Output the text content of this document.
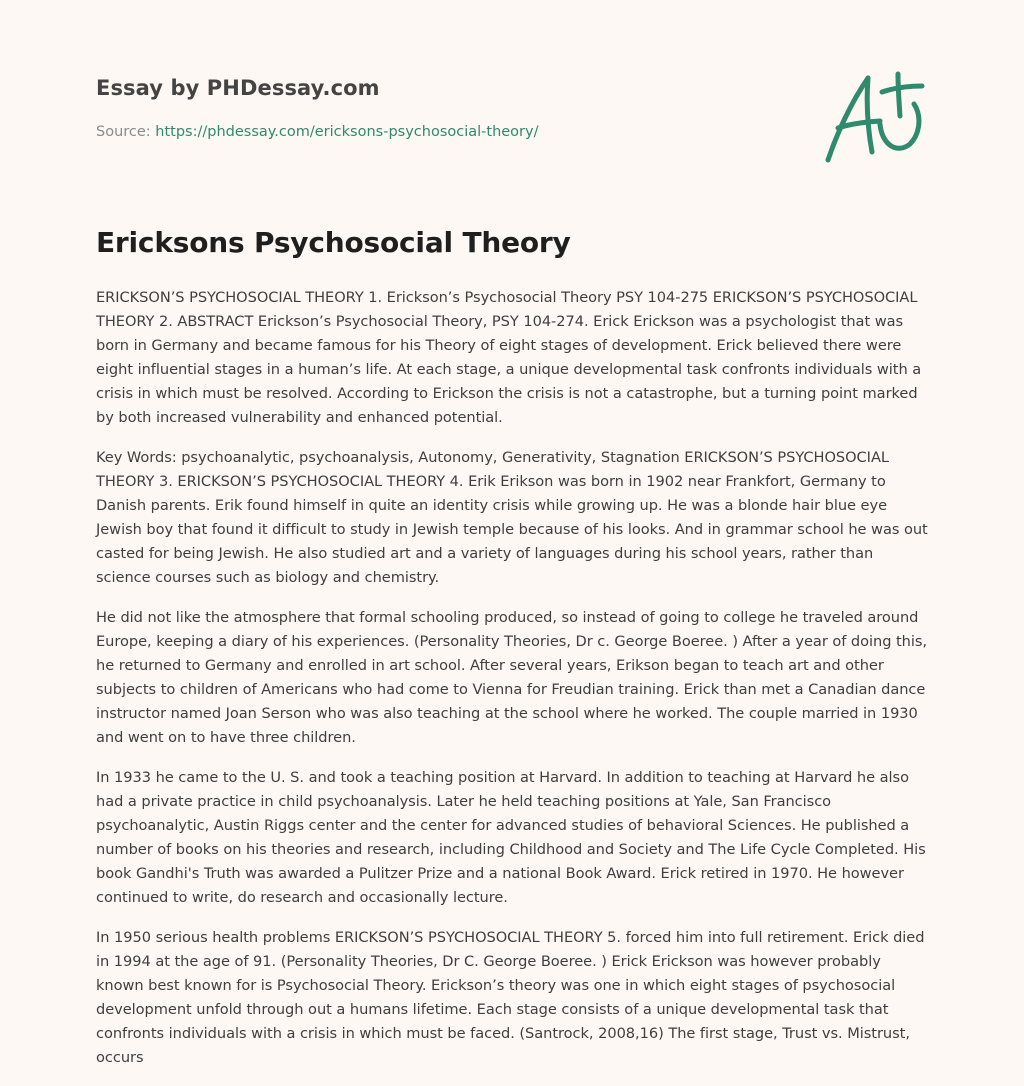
Essay by PHDessay.com
Source: https://phdessay.com/ericksons-psychosocial-theory/
Ericksons Psychosocial Theory

ERICKSON’S PSYCHOSOCIAL THEORY 1. Erickson’s Psychosocial Theory PSY 104-275 ERICKSON’S PSYCHOSOCIAL THEORY 2. ABSTRACT Erickson’s Psychosocial Theory, PSY 104-274. Erick Erickson was a psychologist that was born in Germany and became famous for his Theory of eight stages of development. Erick believed there were eight influential stages in a human’s life. At each stage, a unique developmental task confronts individuals with a crisis in which must be resolved. According to Erickson the crisis is not a catastrophe, but a turning point marked by both increased vulnerability and enhanced potential.

Key Words: psychoanalytic, psychoanalysis, Autonomy, Generativity, Stagnation ERICKSON’S PSYCHOSOCIAL THEORY 3. ERICKSON’S PSYCHOSOCIAL THEORY 4. Erik Erikson was born in 1902 near Frankfort, Germany to Danish parents. Erik found himself in quite an identity crisis while growing up. He was a blonde hair blue eye Jewish boy that found it difficult to study in Jewish temple because of his looks. And in grammar school he was out casted for being Jewish. He also studied art and a variety of languages during his school years, rather than science courses such as biology and chemistry.

He did not like the atmosphere that formal schooling produced, so instead of going to college he traveled around Europe, keeping a diary of his experiences. (Personality Theories, Dr c. George Boeree. ) After a year of doing this, he returned to Germany and enrolled in art school. After several years, Erikson began to teach art and other subjects to children of Americans who had come to Vienna for Freudian training. Erick than met a Canadian dance instructor named Joan Serson who was also teaching at the school where he worked. The couple married in 1930 and went on to have three children.

In 1933 he came to the U. S. and took a teaching position at Harvard. In addition to teaching at Harvard he also had a private practice in child psychoanalysis. Later he held teaching positions at Yale, San Francisco psychoanalytic, Austin Riggs center and the center for advanced studies of behavioral Sciences. He published a number of books on his theories and research, including Childhood and Society and The Life Cycle Completed. His book Gandhi's Truth was awarded a Pulitzer Prize and a national Book Award. Erick retired in 1970. He however continued to write, do research and occasionally lecture.

In 1950 serious health problems ERICKSON’S PSYCHOSOCIAL THEORY 5. forced him into full retirement. Erick died in 1994 at the age of 91. (Personality Theories, Dr C. George Boeree. ) Erick Erickson was however probably known best known for is Psychosocial Theory. Erickson’s theory was one in which eight stages of psychosocial development unfold through out a humans lifetime. Each stage consists of a unique developmental task that confronts individuals with a crisis in which must be faced. (Santrock, 2008,16) The first stage, Trust vs. Mistrust, occurs
